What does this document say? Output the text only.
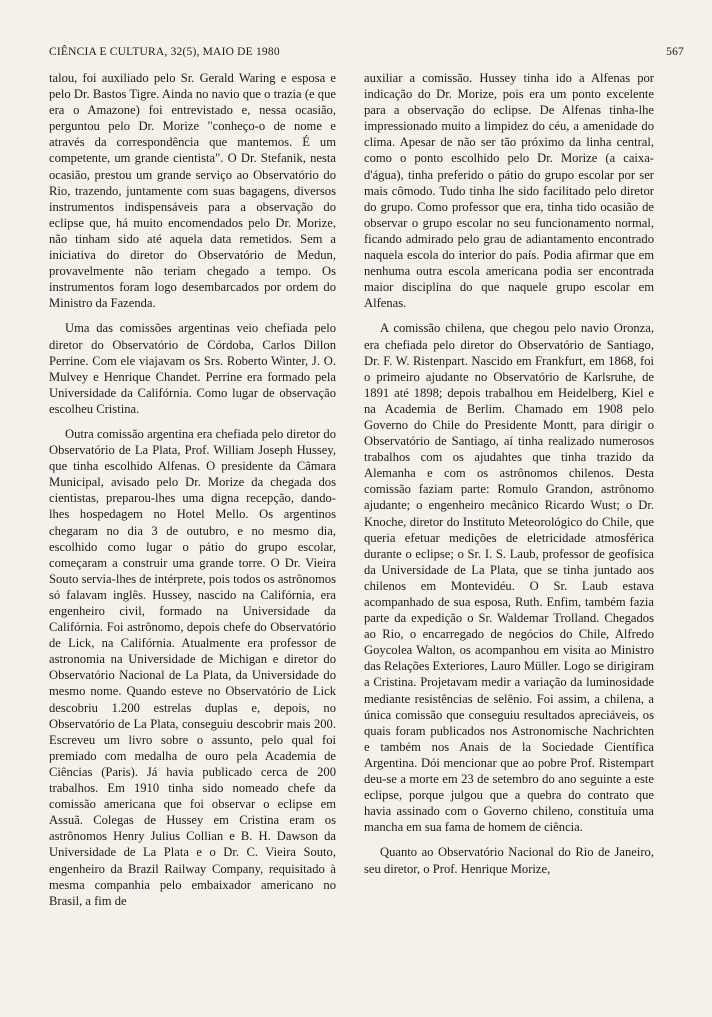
CIÊNCIA E CULTURA, 32(5), MAIO DE 1980	567

talou, foi auxiliado pelo Sr. Gerald Waring e esposa e pelo Dr. Bastos Tigre. Ainda no navio que o trazia (e que era o Amazone) foi entrevistado e, nessa ocasião, perguntou pelo Dr. Morize "conheço-o de nome e através da correspondência que mantemos. É um competente, um grande cientista". O Dr. Stefanik, nesta ocasião, prestou um grande serviço ao Observatório do Rio, trazendo, juntamente com suas bagagens, diversos instrumentos indispensáveis para a observação do eclipse que, há muito encomendados pelo Dr. Morize, não tinham sido até aquela data remetidos. Sem a iniciativa do diretor do Observatório de Medun, provavelmente não teriam chegado a tempo. Os instrumentos foram logo desembarcados por ordem do Ministro da Fazenda.

Uma das comissões argentinas veio chefiada pelo diretor do Observatório de Córdoba, Carlos Dillon Perrine. Com ele viajavam os Srs. Roberto Winter, J. O. Mulvey e Henrique Chandet. Perrine era formado pela Universidade da Califórnia. Como lugar de observação escolheu Cristina.

Outra comissão argentina era chefiada pelo diretor do Observatório de La Plata, Prof. William Joseph Hussey, que tinha escolhido Alfenas. O presidente da Câmara Municipal, avisado pelo Dr. Morize da chegada dos cientistas, preparou-lhes uma digna recepção, dando-lhes hospedagem no Hotel Mello. Os argentinos chegaram no dia 3 de outubro, e no mesmo dia, escolhido como lugar o pátio do grupo escolar, começaram a construir uma grande torre. O Dr. Vieira Souto servia-lhes de intérprete, pois todos os astrônomos só falavam inglês. Hussey, nascido na Califórnia, era engenheiro civil, formado na Universidade da Califórnia. Foi astrônomo, depois chefe do Observatório de Lick, na Califórnia. Atualmente era professor de astronomia na Universidade de Michigan e diretor do Observatório Nacional de La Plata, da Universidade do mesmo nome. Quando esteve no Observatório de Lick descobriu 1.200 estrelas duplas e, depois, no Observatório de La Plata, conseguiu descobrir mais 200. Escreveu um livro sobre o assunto, pelo qual foi premiado com medalha de ouro pela Academia de Ciências (Paris). Já havia publicado cerca de 200 trabalhos. Em 1910 tinha sido nomeado chefe da comissão americana que foi observar o eclipse em Assuã. Colegas de Hussey em Cristina eram os astrônomos Henry Julius Collian e B. H. Dawson da Universidade de La Plata e o Dr. C. Vieira Souto, engenheiro da Brazil Railway Company, requisitado à mesma companhia pelo embaixador americano no Brasil, a fim de

auxiliar a comissão. Hussey tinha ido a Alfenas por indicação do Dr. Morize, pois era um ponto excelente para a observação do eclipse. De Alfenas tinha-lhe impressionado muito a limpidez do céu, a amenidade do clima. Apesar de não ser tão próximo da linha central, como o ponto escolhido pelo Dr. Morize (a caixa-d'água), tinha preferido o pátio do grupo escolar por ser mais cômodo. Tudo tinha lhe sido facilitado pelo diretor do grupo. Como professor que era, tinha tido ocasião de observar o grupo escolar no seu funcionamento normal, ficando admirado pelo grau de adiantamento encontrado naquela escola do interior do país. Podia afirmar que em nenhuma outra escola americana podia ser encontrada maior disciplina do que naquele grupo escolar em Alfenas.

A comissão chilena, que chegou pelo navio Oronza, era chefiada pelo diretor do Observatório de Santiago, Dr. F. W. Ristenpart. Nascido em Frankfurt, em 1868, foi o primeiro ajudante no Observatório de Karlsruhe, de 1891 até 1898; depois trabalhou em Heidelberg, Kiel e na Academia de Berlim. Chamado em 1908 pelo Governo do Chile do Presidente Montt, para dirigir o Observatório de Santiago, aí tinha realizado numerosos trabalhos com os ajudahtes que tinha trazido da Alemanha e com os astrônomos chilenos. Desta comissão faziam parte: Romulo Grandon, astrônomo ajudante; o engenheiro mecânico Ricardo Wust; o Dr. Knoche, diretor do Instituto Meteorológico do Chile, que queria efetuar medições de eletricidade atmosférica durante o eclipse; o Sr. I. S. Laub, professor de geofísica da Universidade de La Plata, que se tinha juntado aos chilenos em Montevidéu. O Sr. Laub estava acompanhado de sua esposa, Ruth. Enfim, também fazia parte da expedição o Sr. Waldemar Trolland. Chegados ao Rio, o encarregado de negócios do Chile, Alfredo Goycolea Walton, os acompanhou em visita ao Ministro das Relações Exteriores, Lauro Müller. Logo se dirigiram a Cristina. Projetavam medir a variação da luminosidade mediante resistências de selênio. Foi assim, a chilena, a única comissão que conseguiu resultados apreciáveis, os quais foram publicados nos Astronomische Nachrichten e também nos Anais de la Sociedade Científica Argentina. Dói mencionar que ao pobre Prof. Ristempart deu-se a morte em 23 de setembro do ano seguinte a este eclipse, porque julgou que a quebra do contrato que havia assinado com o Governo chileno, constituía uma mancha em sua fama de homem de ciência.

Quanto ao Observatório Nacional do Rio de Janeiro, seu diretor, o Prof. Henrique Morize,
